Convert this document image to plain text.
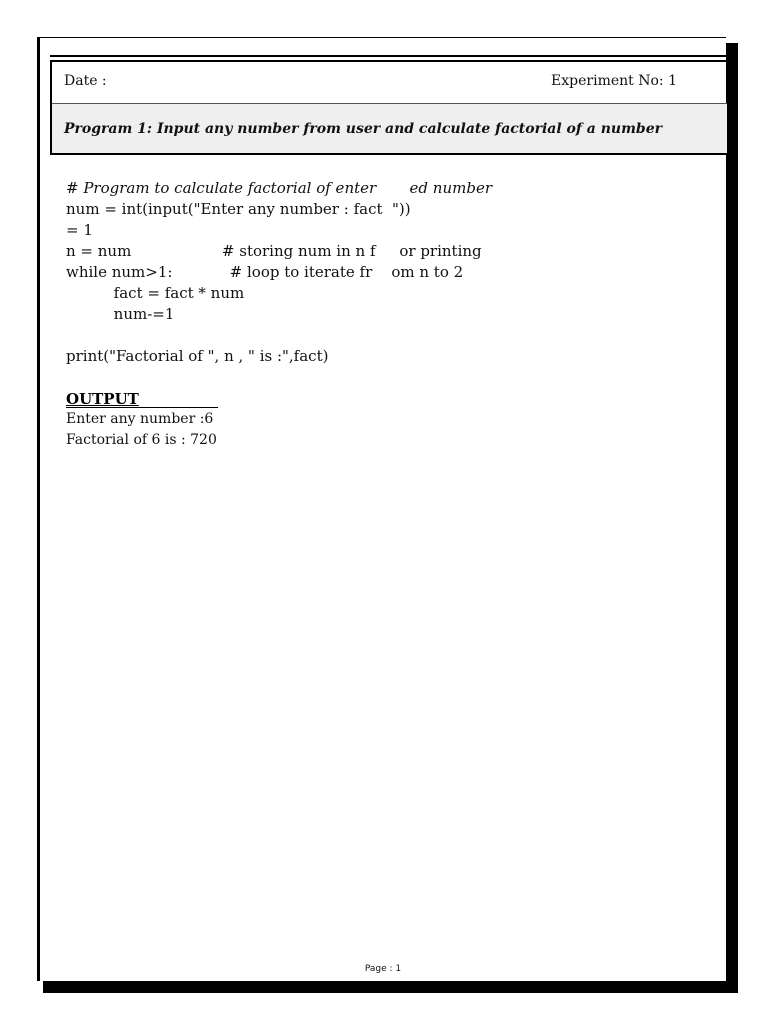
Date :	Experiment No: 1
Program 1: Input any number from user and calculate factorial of a number
# Program to calculate factorial of enter       ed number
num = int(input("Enter any number : fact  "))
= 1
n = num                   # storing num in n f     or printing
while num>1:            # loop to iterate fr    om n to 2
fact = fact * num
num-=1
print("Factorial of ", n , " is :",fact)
OUTPUT
Enter any number :6
Factorial of 6 is : 720
Page : 1
